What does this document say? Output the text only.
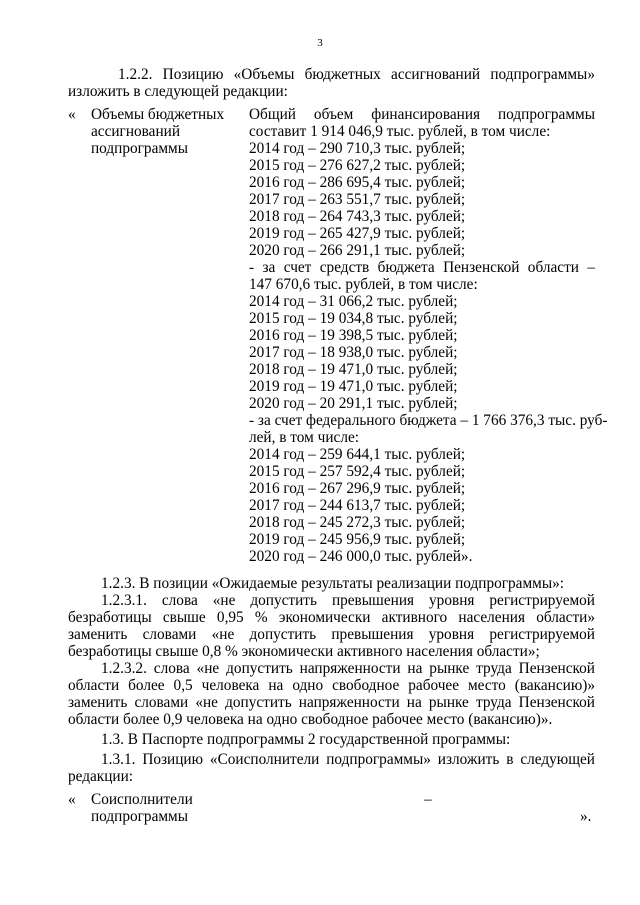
3
1.2.2. Позицию «Объемы бюджетных ассигнований подпрограммы»
изложить в следующей редакции:
« Объемы бюджетных
ассигнований
подпрограммы
Общий объем финансирования подпрограммы
составит 1 914 046,9 тыс. рублей, в том числе:
2014 год – 290 710,3 тыс. рублей;
2015 год – 276 627,2 тыс. рублей;
2016 год – 286 695,4 тыс. рублей;
2017 год – 263 551,7 тыс. рублей;
2018 год – 264 743,3 тыс. рублей;
2019 год – 265 427,9 тыс. рублей;
2020 год – 266 291,1 тыс. рублей;
- за счет средств бюджета Пензенской области –
147 670,6 тыс. рублей, в том числе:
2014 год – 31 066,2 тыс. рублей;
2015 год – 19 034,8 тыс. рублей;
2016 год – 19 398,5 тыс. рублей;
2017 год – 18 938,0 тыс. рублей;
2018 год – 19 471,0 тыс. рублей;
2019 год – 19 471,0 тыс. рублей;
2020 год – 20 291,1 тыс. рублей;
- за счет федерального бюджета – 1 766 376,3 тыс. руб-
лей, в том числе:
2014 год – 259 644,1 тыс. рублей;
2015 год – 257 592,4 тыс. рублей;
2016 год – 267 296,9 тыс. рублей;
2017 год – 244 613,7 тыс. рублей;
2018 год – 245 272,3 тыс. рублей;
2019 год – 245 956,9 тыс. рублей;
2020 год – 246 000,0 тыс. рублей».
1.2.3. В позиции «Ожидаемые результаты реализации подпрограммы»:
1.2.3.1. слова «не допустить превышения уровня регистрируемой
безработицы свыше 0,95 % экономически активного населения области»
заменить словами «не допустить превышения уровня регистрируемой
безработицы свыше 0,8 % экономически активного населения области»;
1.2.3.2. слова «не допустить напряженности на рынке труда Пензенской
области более 0,5 человека на одно свободное рабочее место (вакансию)»
заменить словами «не допустить напряженности на рынке труда Пензенской
области более 0,9 человека на одно свободное рабочее место (вакансию)».
1.3. В Паспорте подпрограммы 2 государственной программы:
1.3.1. Позицию «Соисполнители подпрограммы» изложить в следующей
редакции:
« Соисполнители
подпрограммы
–
».
